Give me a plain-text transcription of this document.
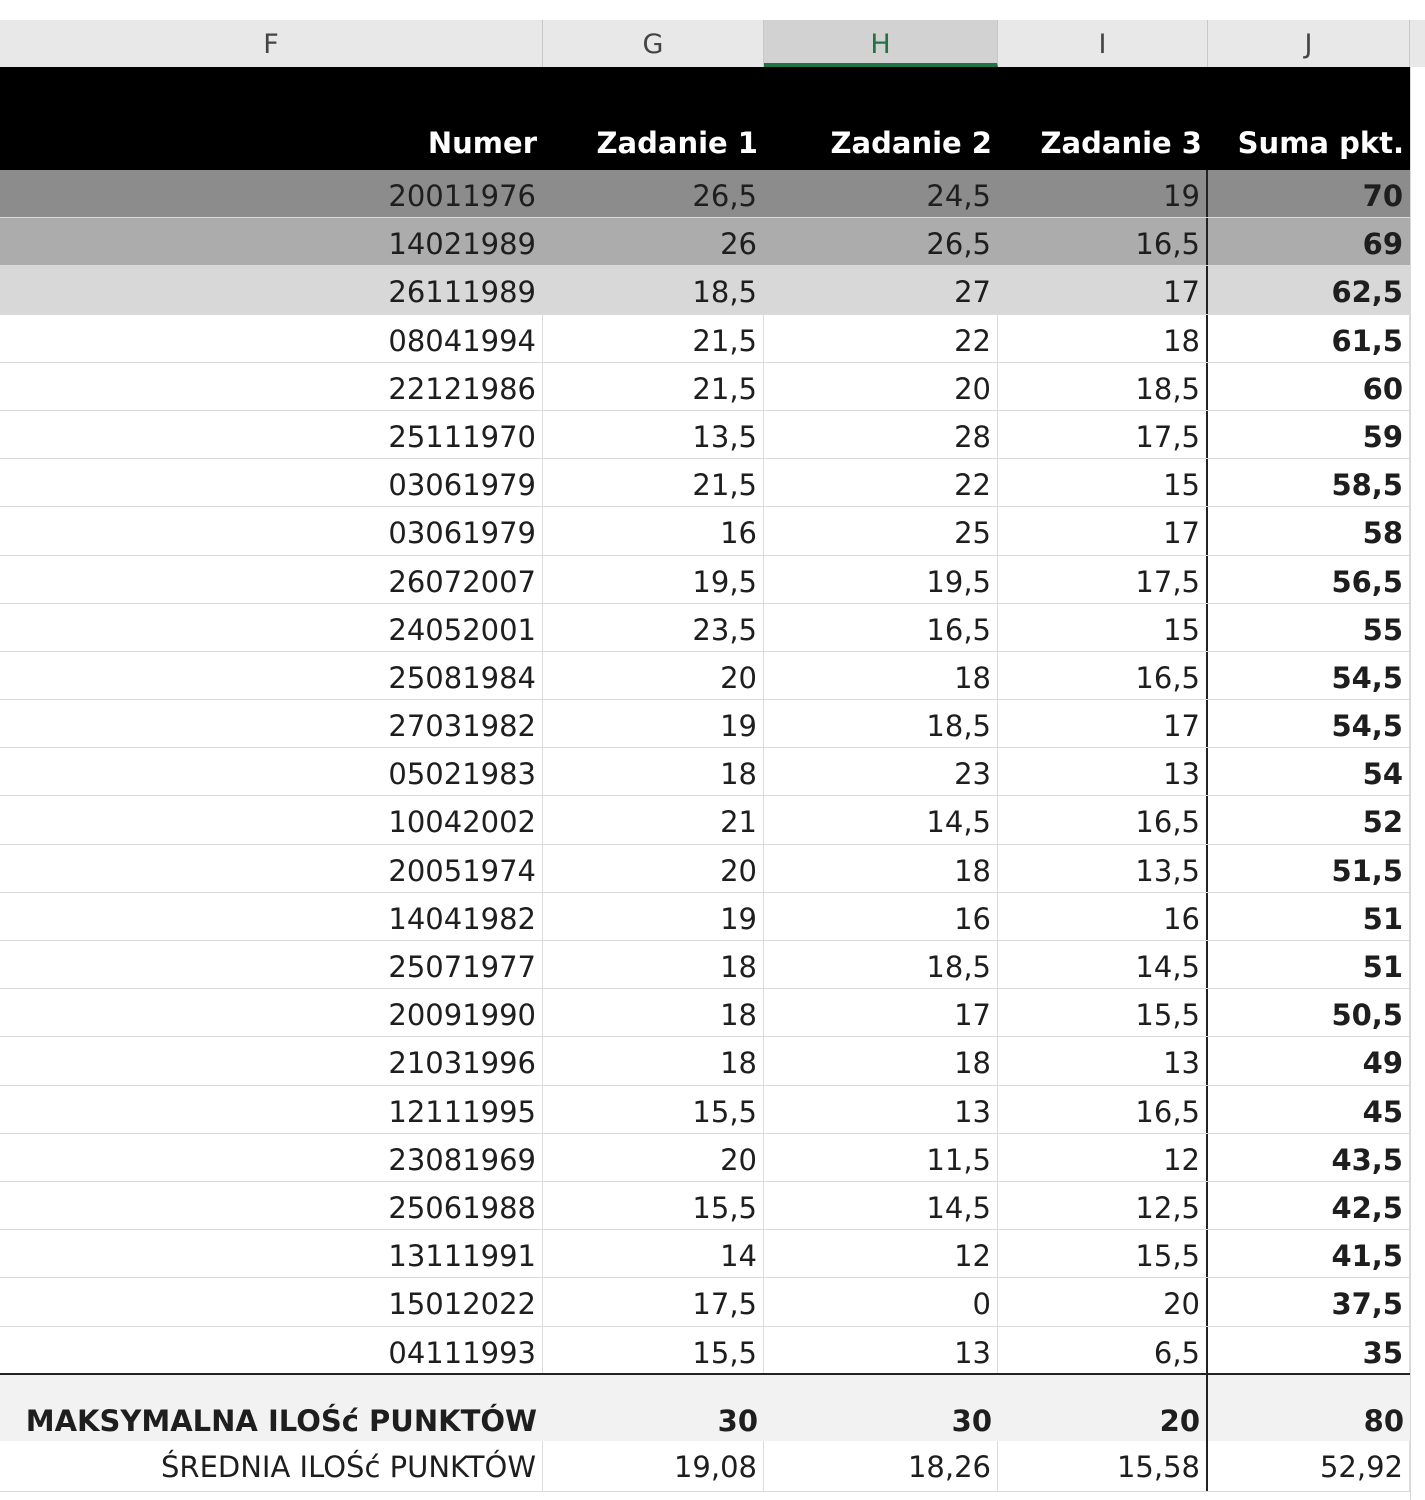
F	G	H	I	J
Numer	Zadanie 1	Zadanie 2	Zadanie 3	Suma pkt.
20011976	26,5	24,5	19	70
14021989	26	26,5	16,5	69
26111989	18,5	27	17	62,5
08041994	21,5	22	18	61,5
22121986	21,5	20	18,5	60
25111970	13,5	28	17,5	59
03061979	21,5	22	15	58,5
03061979	16	25	17	58
26072007	19,5	19,5	17,5	56,5
24052001	23,5	16,5	15	55
25081984	20	18	16,5	54,5
27031982	19	18,5	17	54,5
05021983	18	23	13	54
10042002	21	14,5	16,5	52
20051974	20	18	13,5	51,5
14041982	19	16	16	51
25071977	18	18,5	14,5	51
20091990	18	17	15,5	50,5
21031996	18	18	13	49
12111995	15,5	13	16,5	45
23081969	20	11,5	12	43,5
25061988	15,5	14,5	12,5	42,5
13111991	14	12	15,5	41,5
15012022	17,5	0	20	37,5
04111993	15,5	13	6,5	35
MAKSYMALNA ILOŚć PUNKTÓW	30	30	20	80
ŚREDNIA ILOŚć PUNKTÓW	19,08	18,26	15,58	52,92
